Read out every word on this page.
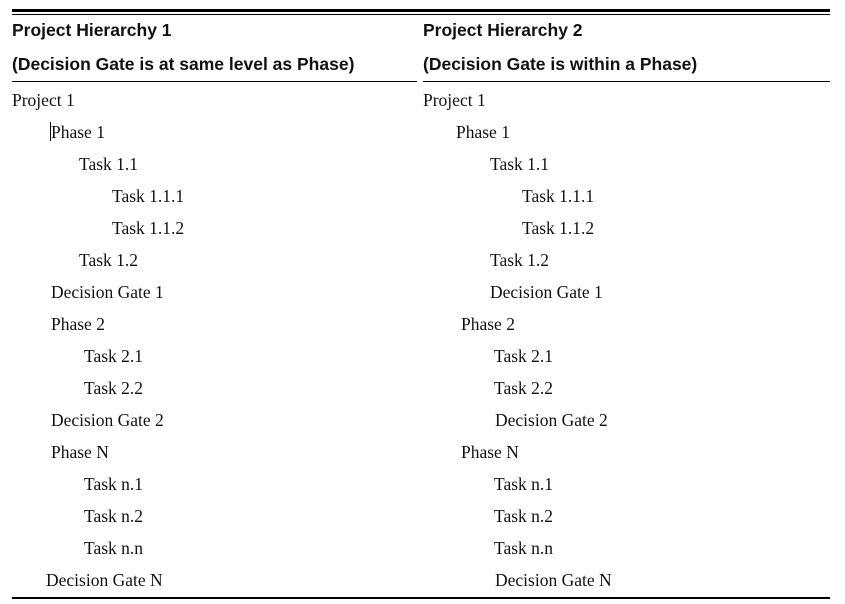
Project Hierarchy 1
(Decision Gate is at same level as Phase)
Project Hierarchy 2
(Decision Gate is within a Phase)
Project 1
Phase 1
Task 1.1
Task 1.1.1
Task 1.1.2
Task 1.2
Decision Gate 1
Phase 2
Task 2.1
Task 2.2
Decision Gate 2
Phase N
Task n.1
Task n.2
Task n.n
Decision Gate N
Project 1
Phase 1
Task 1.1
Task 1.1.1
Task 1.1.2
Task 1.2
Decision Gate 1
Phase 2
Task 2.1
Task 2.2
Decision Gate 2
Phase N
Task n.1
Task n.2
Task n.n
Decision Gate N
